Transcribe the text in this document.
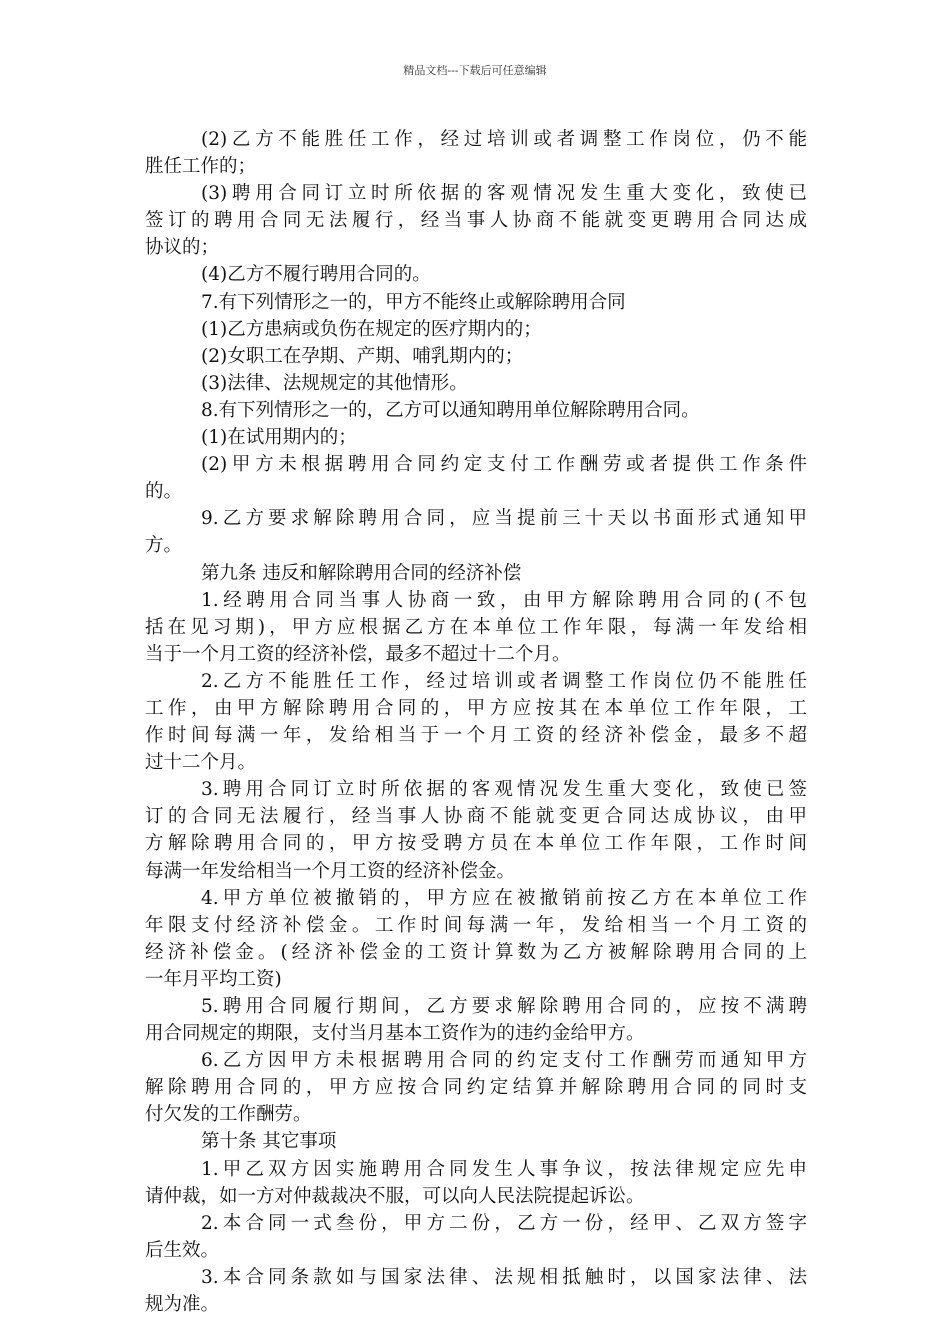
精品文档---下载后可任意编辑
(2)乙方不能胜任工作，经过培训或者调整工作岗位，仍不能
胜任工作的；
(3)聘用合同订立时所依据的客观情况发生重大变化，致使已
签订的聘用合同无法履行，经当事人协商不能就变更聘用合同达成
协议的；
(4)乙方不履行聘用合同的。
7.有下列情形之一的，甲方不能终止或解除聘用合同
(1)乙方患病或负伤在规定的医疗期内的；
(2)女职工在孕期、产期、哺乳期内的；
(3)法律、法规规定的其他情形。
8.有下列情形之一的，乙方可以通知聘用单位解除聘用合同。
(1)在试用期内的；
(2)甲方未根据聘用合同约定支付工作酬劳或者提供工作条件
的。
9.乙方要求解除聘用合同，应当提前三十天以书面形式通知甲
方。
第九条 违反和解除聘用合同的经济补偿
1.经聘用合同当事人协商一致，由甲方解除聘用合同的(不包
括在见习期)，甲方应根据乙方在本单位工作年限，每满一年发给相
当于一个月工资的经济补偿，最多不超过十二个月。
2.乙方不能胜任工作，经过培训或者调整工作岗位仍不能胜任
工作，由甲方解除聘用合同的，甲方应按其在本单位工作年限，工
作时间每满一年，发给相当于一个月工资的经济补偿金，最多不超
过十二个月。
3.聘用合同订立时所依据的客观情况发生重大变化，致使已签
订的合同无法履行，经当事人协商不能就变更合同达成协议，由甲
方解除聘用合同的，甲方按受聘方员在本单位工作年限，工作时间
每满一年发给相当一个月工资的经济补偿金。
4.甲方单位被撤销的，甲方应在被撤销前按乙方在本单位工作
年限支付经济补偿金。工作时间每满一年，发给相当一个月工资的
经济补偿金。(经济补偿金的工资计算数为乙方被解除聘用合同的上
一年月平均工资)
5.聘用合同履行期间，乙方要求解除聘用合同的，应按不满聘
用合同规定的期限，支付当月基本工资作为的违约金给甲方。
6.乙方因甲方未根据聘用合同的约定支付工作酬劳而通知甲方
解除聘用合同的，甲方应按合同约定结算并解除聘用合同的同时支
付欠发的工作酬劳。
第十条 其它事项
1.甲乙双方因实施聘用合同发生人事争议，按法律规定应先申
请仲裁，如一方对仲裁裁决不服，可以向人民法院提起诉讼。
2.本合同一式叁份，甲方二份，乙方一份，经甲、乙双方签字
后生效。
3.本合同条款如与国家法律、法规相抵触时，以国家法律、法
规为准。
